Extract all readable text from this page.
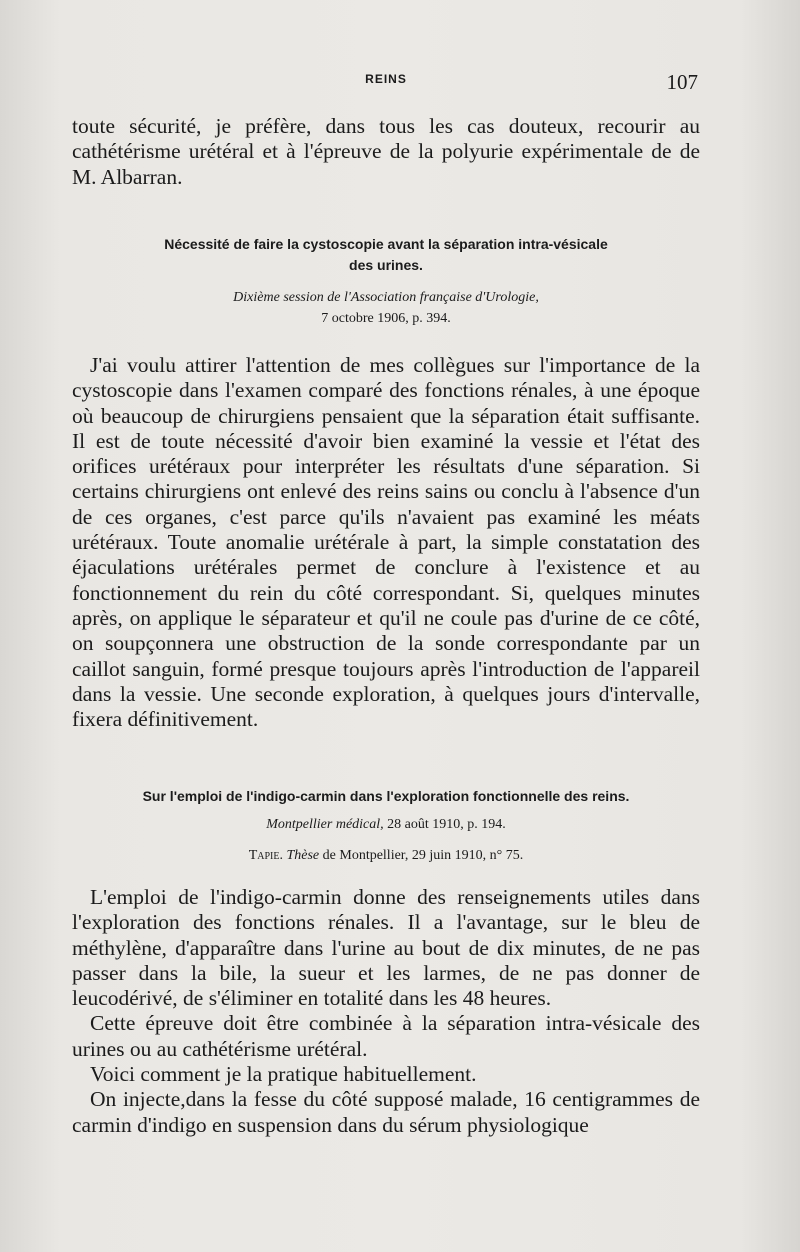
REINS	107

toute sécurité, je préfère, dans tous les cas douteux, recourir au cathétérisme urétéral et à l'épreuve de la polyurie expérimentale de de M. Albarran.

Nécessité de faire la cystoscopie avant la séparation intra-vésicale

des urines.

Dixième session de l'Association française d'Urologie,

7 octobre 1906, p. 394.

J'ai voulu attirer l'attention de mes collègues sur l'importance de la cystoscopie dans l'examen comparé des fonctions rénales, à une époque où beaucoup de chirurgiens pensaient que la séparation était suffisante. Il est de toute nécessité d'avoir bien examiné la vessie et l'état des orifices urétéraux pour interpréter les résultats d'une séparation. Si certains chirurgiens ont enlevé des reins sains ou conclu à l'absence d'un de ces organes, c'est parce qu'ils n'avaient pas examiné les méats urétéraux. Toute anomalie urétérale à part, la simple constatation des éjaculations urétérales permet de conclure à l'existence et au fonctionnement du rein du côté correspondant. Si, quelques minutes après, on applique le séparateur et qu'il ne coule pas d'urine de ce côté, on soupçonnera une obstruction de la sonde correspondante par un caillot sanguin, formé presque toujours après l'introduction de l'appareil dans la vessie. Une seconde exploration, à quelques jours d'intervalle, fixera définitivement.

Sur l'emploi de l'indigo-carmin dans l'exploration fonctionnelle des reins.

Montpellier médical, 28 août 1910, p. 194.

Tapie. Thèse de Montpellier, 29 juin 1910, n° 75.

L'emploi de l'indigo-carmin donne des renseignements utiles dans l'exploration des fonctions rénales. Il a l'avantage, sur le bleu de méthylène, d'apparaître dans l'urine au bout de dix minutes, de ne pas passer dans la bile, la sueur et les larmes, de ne pas donner de leucodérivé, de s'éliminer en totalité dans les 48 heures.

Cette épreuve doit être combinée à la séparation intra-vésicale des urines ou au cathétérisme urétéral.

Voici comment je la pratique habituellement.

On injecte,dans la fesse du côté supposé malade, 16 centigrammes de carmin d'indigo en suspension dans du sérum physiologique
